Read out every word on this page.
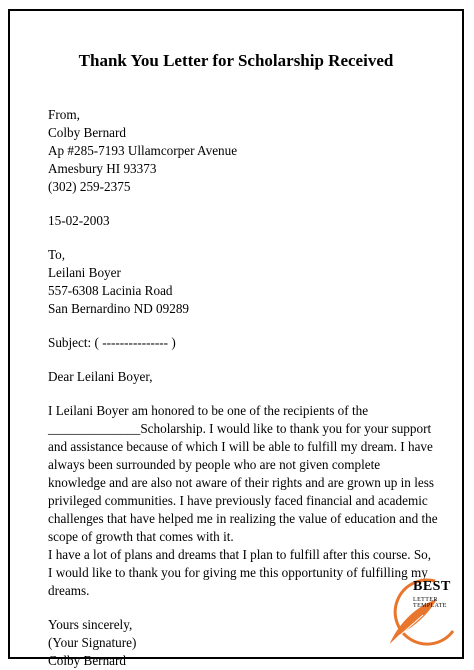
Thank You Letter for Scholarship Received
From,
Colby Bernard
Ap #285-7193 Ullamcorper Avenue
Amesbury HI 93373
(302) 259-2375
15-02-2003
To,
Leilani Boyer
557-6308 Lacinia Road
San Bernardino ND 09289
Subject: ( --------------- )
Dear Leilani Boyer,
I Leilani Boyer am honored to be one of the recipients of the
______________Scholarship. I would like to thank you for your support
and assistance because of which I will be able to fulfill my dream. I have
always been surrounded by people who are not given complete
knowledge and are also not aware of their rights and are grown up in less
privileged communities. I have previously faced financial and academic
challenges that have helped me in realizing the value of education and the
scope of growth that comes with it.
I have a lot of plans and dreams that I plan to fulfill after this course. So,
I would like to thank you for giving me this opportunity of fulfilling my
dreams.
Yours sincerely,
(Your Signature)
Colby Bernard
BEST
LETTER TEMPLATE
